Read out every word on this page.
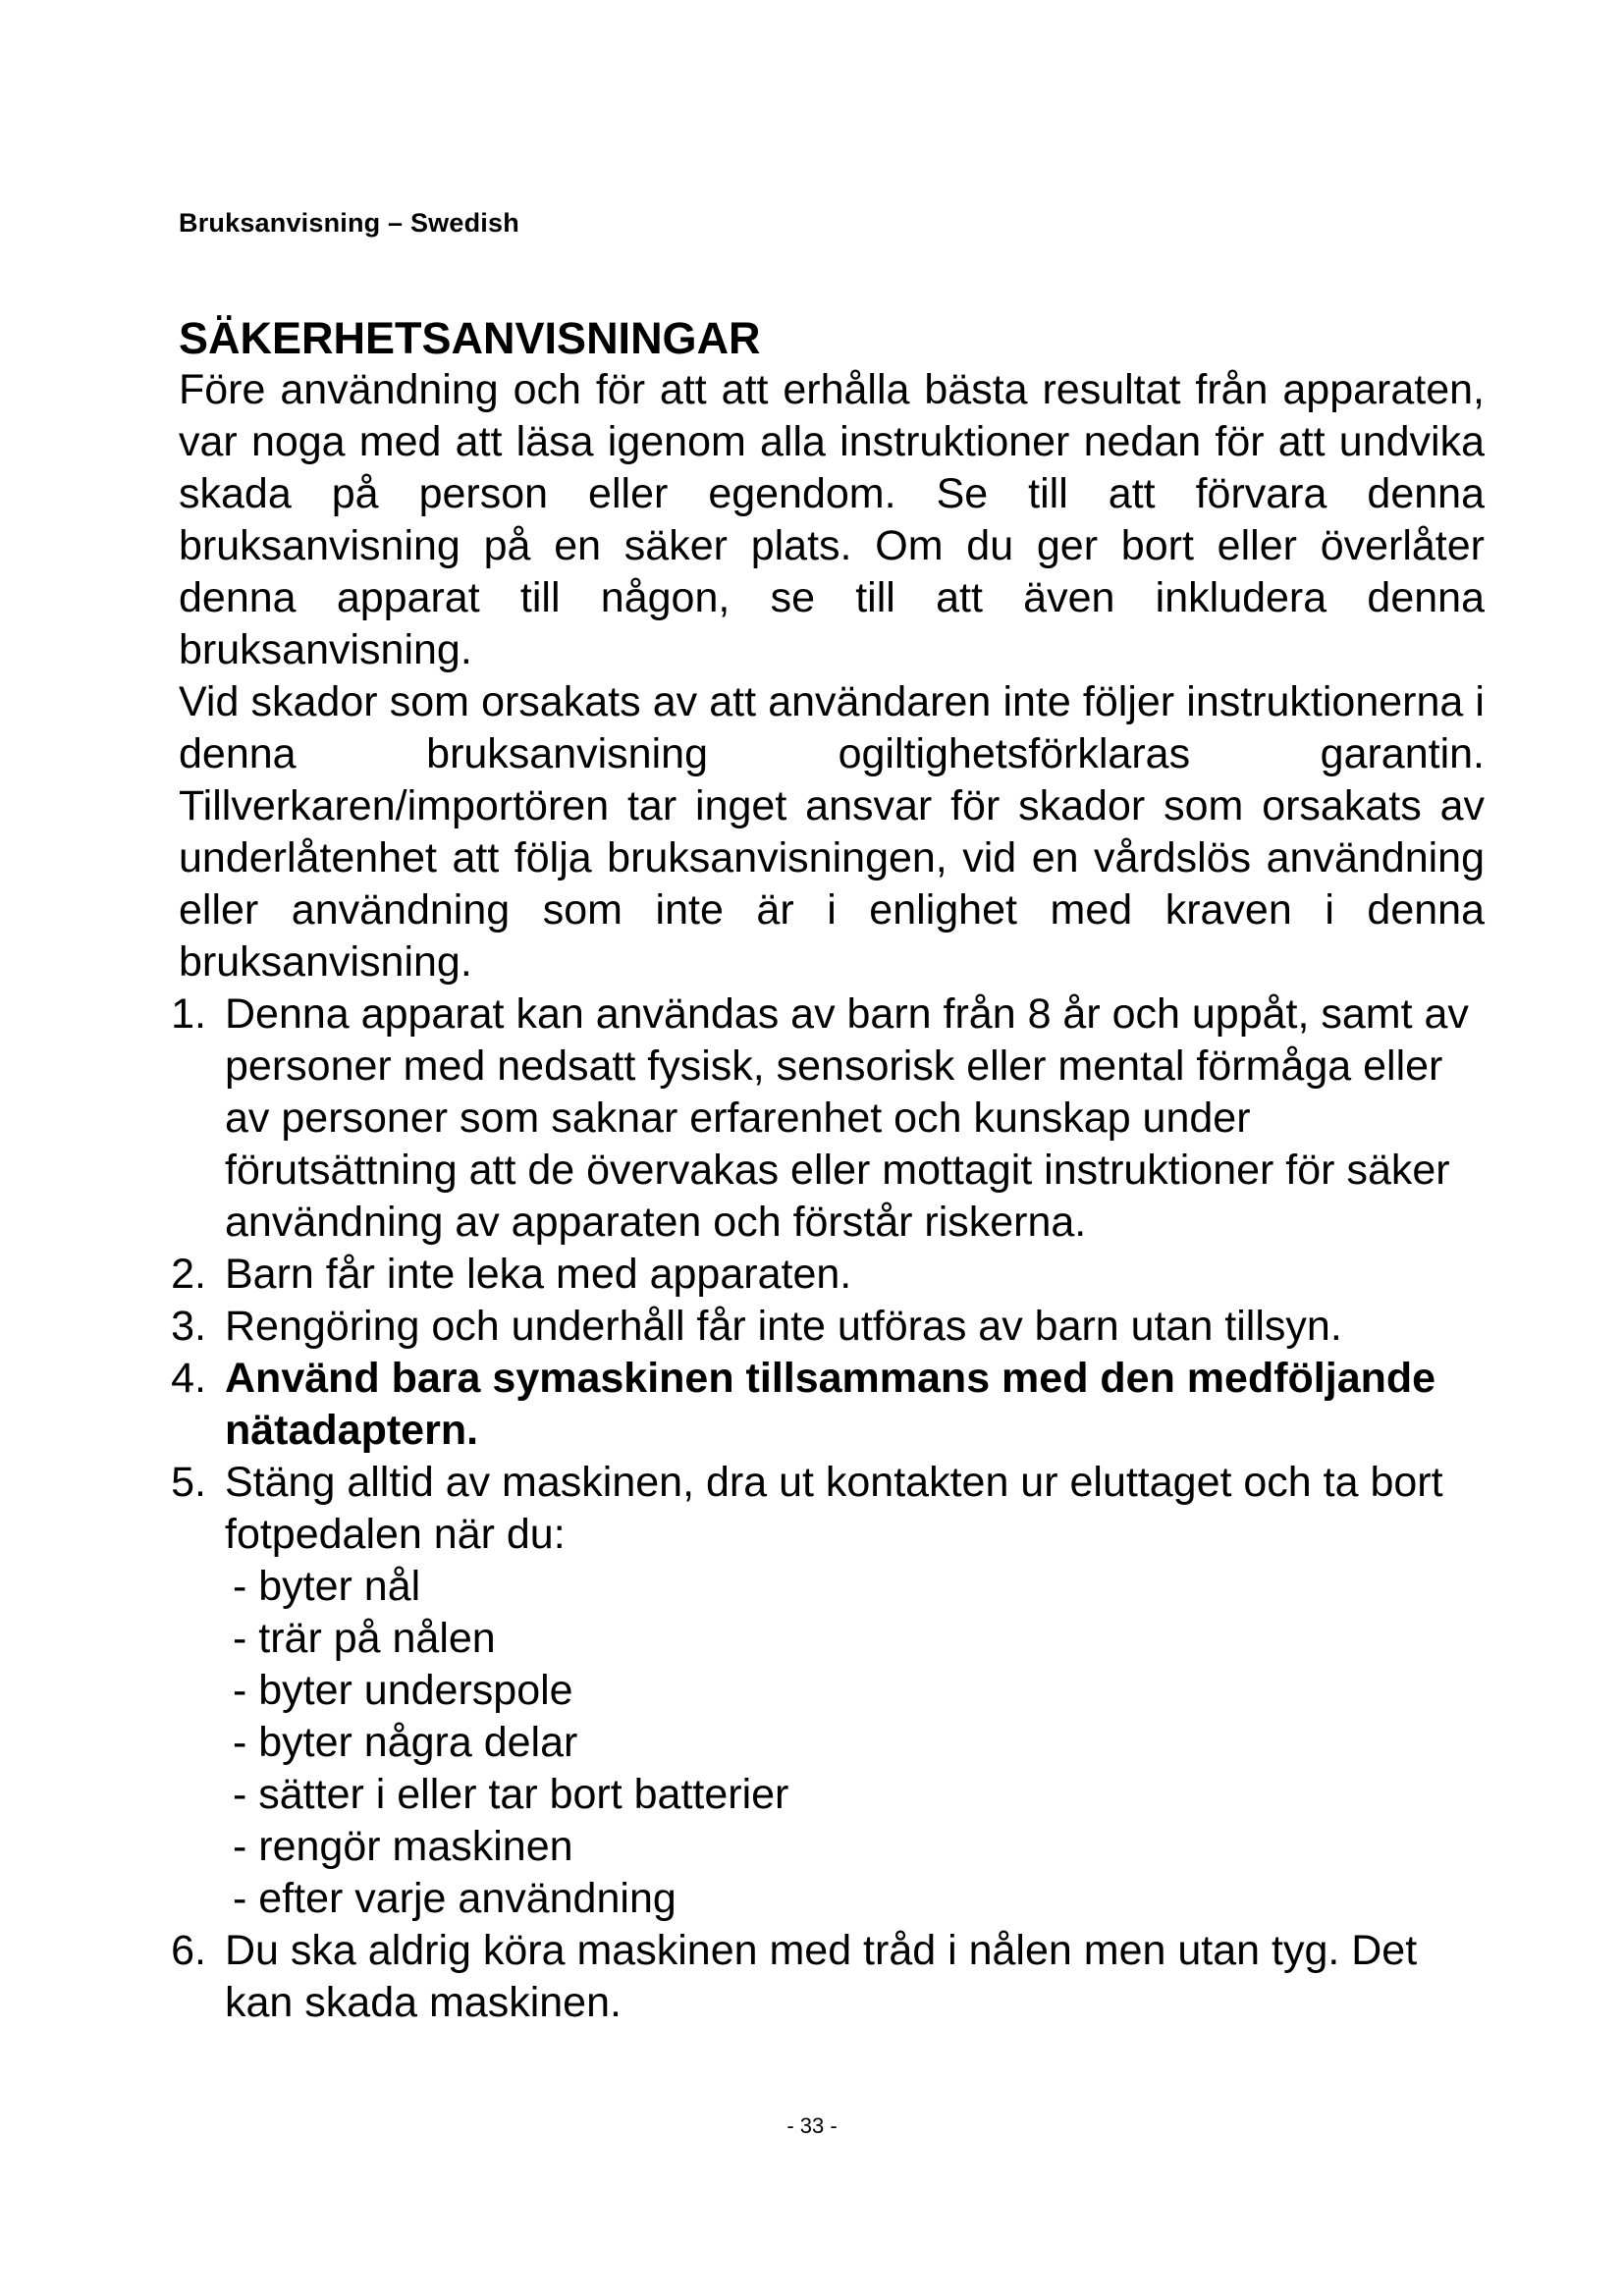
Bruksanvisning – Swedish
SÄKERHETSANVISNINGAR

Före användning och för att att erhålla bästa resultat från apparaten, var noga med att läsa igenom alla instruktioner nedan för att undvika skada på person eller egendom. Se till att förvara denna bruksanvisning på en säker plats. Om du ger bort eller överlåter denna apparat till någon, se till att även inkludera denna bruksanvisning.

Vid skador som orsakats av att användaren inte följer instruktionerna i denna bruksanvisning ogiltighetsförklaras garantin. Tillverkaren/importören tar inget ansvar för skador som orsakats av underlåtenhet att följa bruksanvisningen, vid en vårdslös användning eller användning som inte är i enlighet med kraven i denna bruksanvisning.

1. Denna apparat kan användas av barn från 8 år och uppåt, samt av personer med nedsatt fysisk, sensorisk eller mental förmåga eller av personer som saknar erfarenhet och kunskap under förutsättning att de övervakas eller mottagit instruktioner för säker användning av apparaten och förstår riskerna.
2. Barn får inte leka med apparaten.
3. Rengöring och underhåll får inte utföras av barn utan tillsyn.
4. Använd bara symaskinen tillsammans med den medföljande nätadaptern.
5. Stäng alltid av maskinen, dra ut kontakten ur eluttaget och ta bort fotpedalen när du:
- byter nål
- trär på nålen
- byter underspole
- byter några delar
- sätter i eller tar bort batterier
- rengör maskinen
- efter varje användning
6. Du ska aldrig köra maskinen med tråd i nålen men utan tyg. Det kan skada maskinen.
- 33 -
